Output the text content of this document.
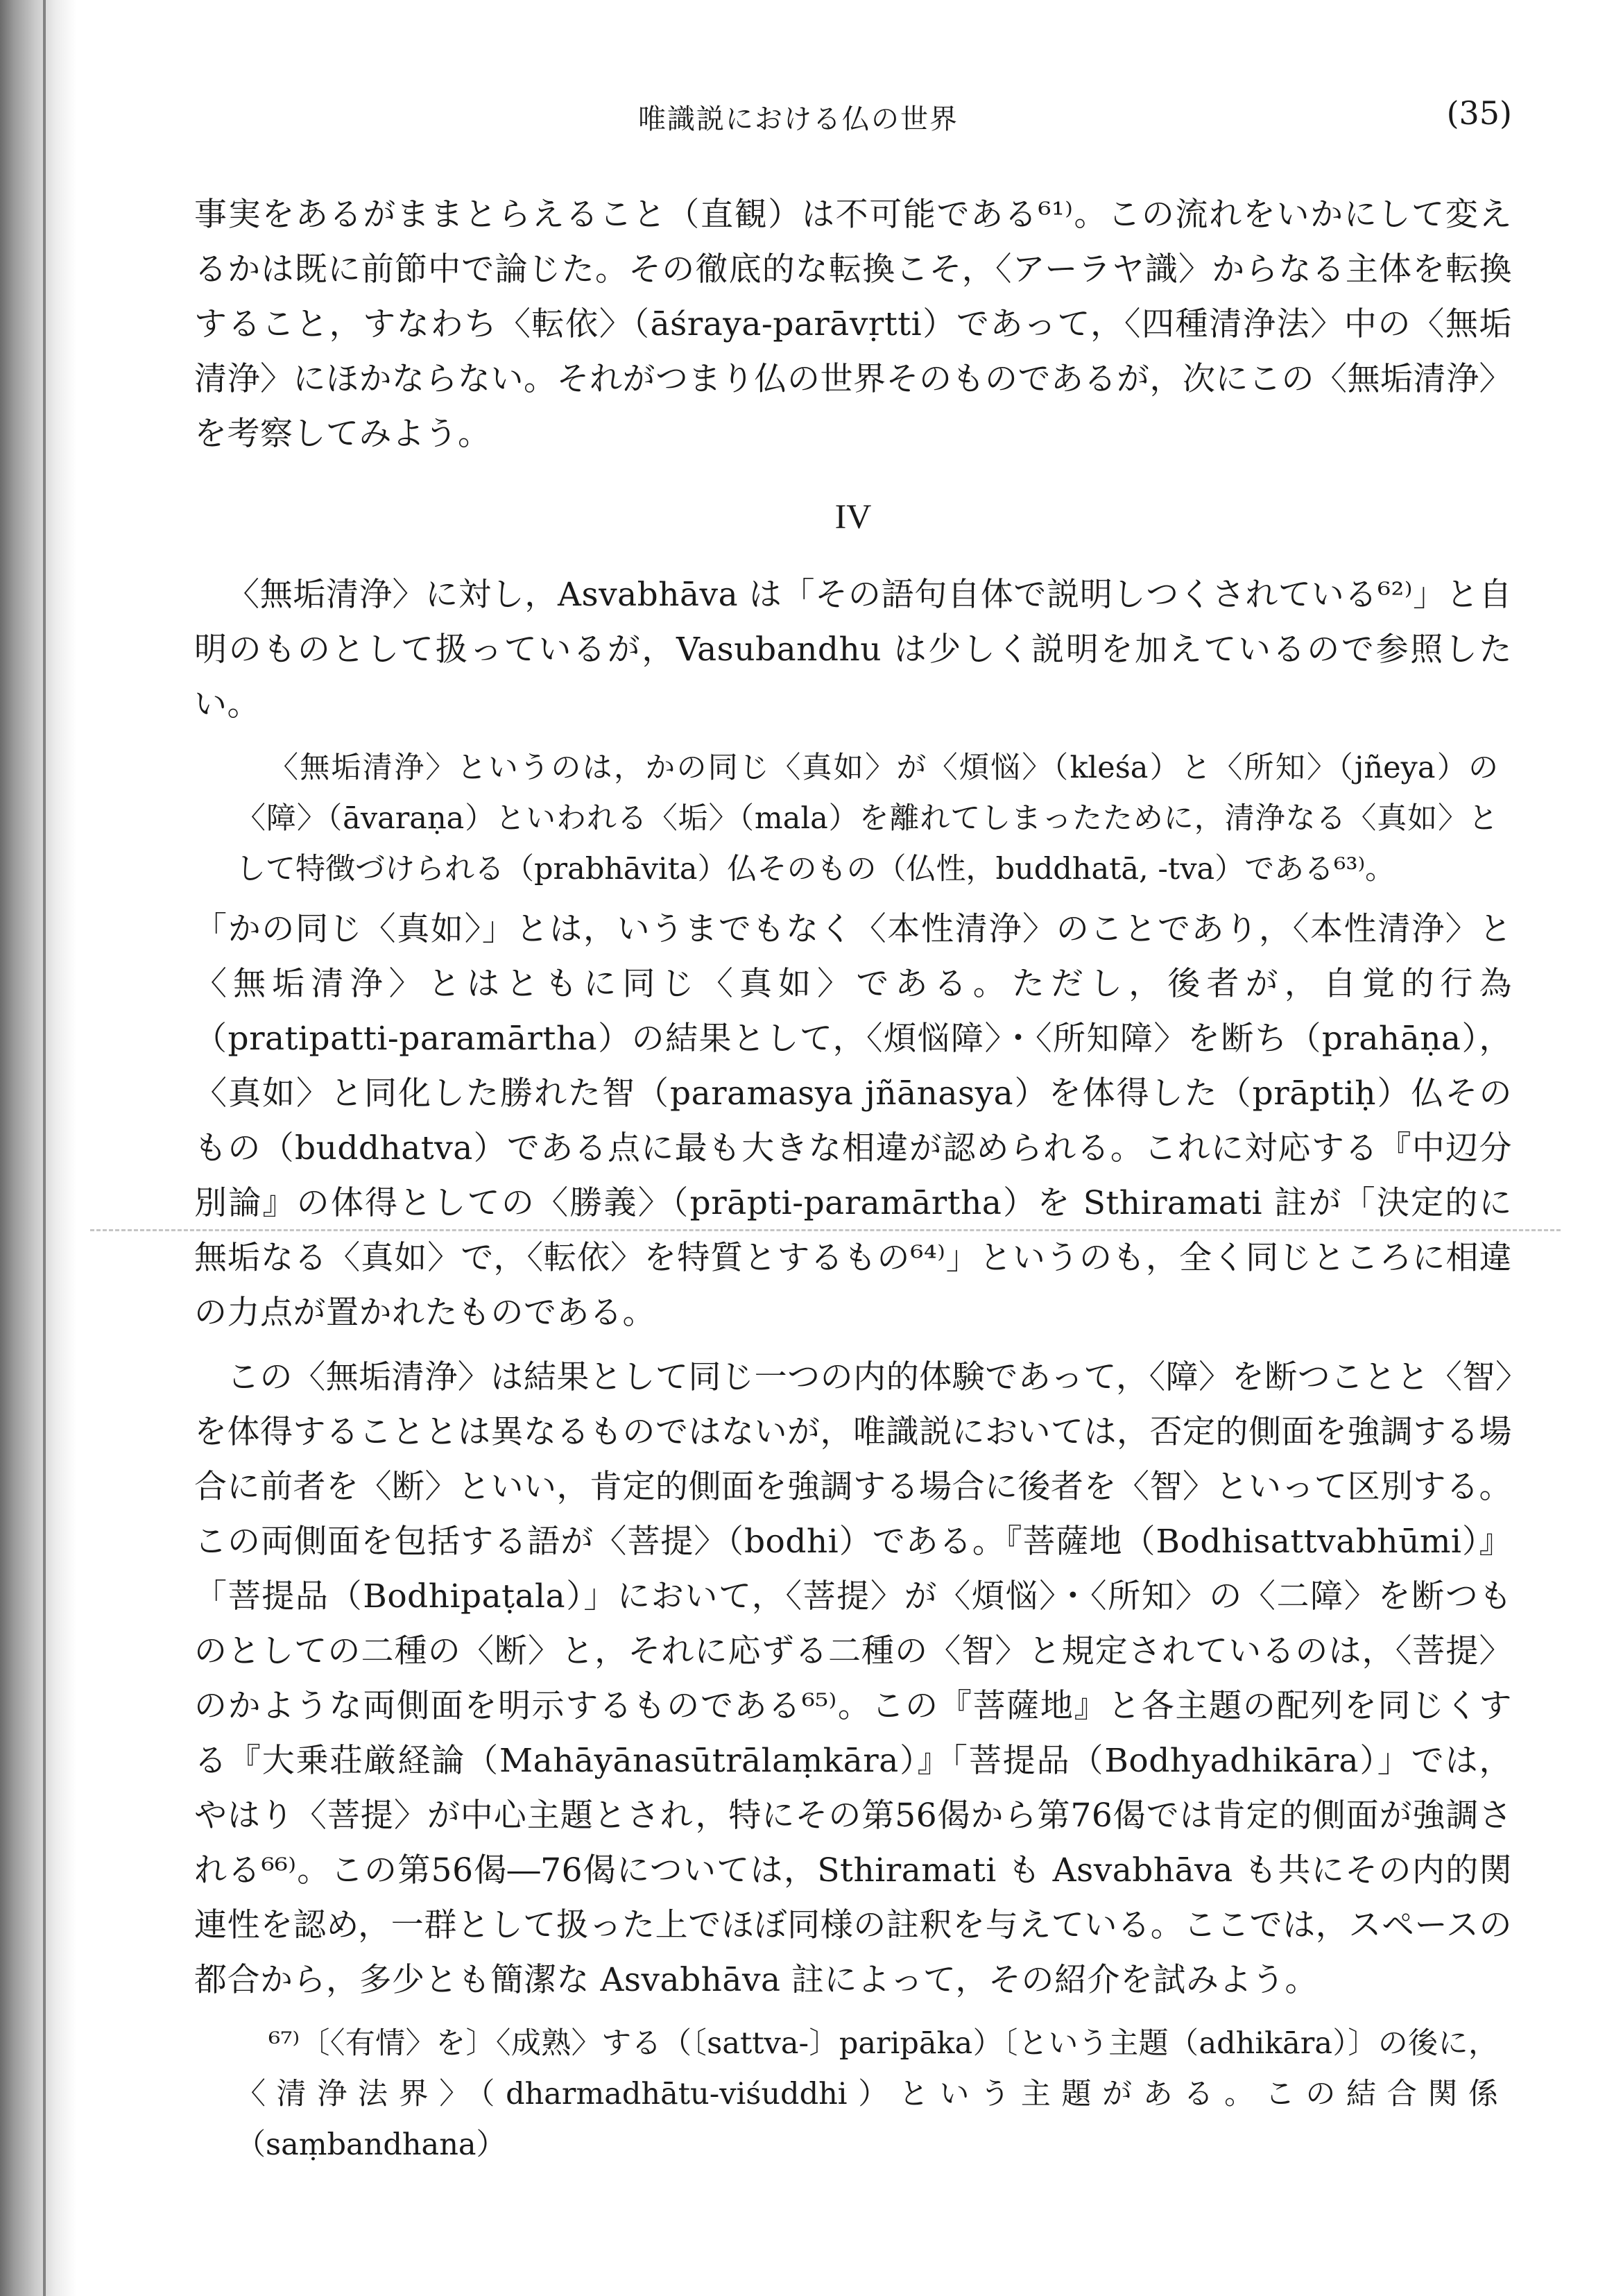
唯識説における仏の世界	(35)

事実をあるがままとらえること（直観）は不可能である⁶¹⁾。この流れをいかにして変えるかは既に前節中で論じた。その徹底的な転換こそ，〈アーラヤ識〉からなる主体を転換すること，すなわち〈転依〉（āśraya-parāvṛtti）であって，〈四種清浄法〉中の〈無垢清浄〉にほかならない。それがつまり仏の世界そのものであるが，次にこの〈無垢清浄〉を考察してみよう。

IV

〈無垢清浄〉に対し，Asvabhāva は「その語句自体で説明しつくされている⁶²⁾」と自明のものとして扱っているが，Vasubandhu は少しく説明を加えているので参照したい。

〈無垢清浄〉というのは，かの同じ〈真如〉が〈煩悩〉（kleśa）と〈所知〉（jñeya）の〈障〉（āvaraṇa）といわれる〈垢〉（mala）を離れてしまったために，清浄なる〈真如〉として特徴づけられる（prabhāvita）仏そのもの（仏性，buddhatā, -tva）である⁶³⁾。

「かの同じ〈真如〉」とは，いうまでもなく〈本性清浄〉のことであり，〈本性清浄〉と〈無垢清浄〉とはともに同じ〈真如〉である。ただし，後者が，自覚的行為（pratipatti-paramārtha）の結果として，〈煩悩障〉・〈所知障〉を断ち（prahāṇa），〈真如〉と同化した勝れた智（paramasya jñānasya）を体得した（prāptiḥ）仏そのもの（buddhatva）である点に最も大きな相違が認められる。これに対応する『中辺分別論』の体得としての〈勝義〉（prāpti-paramārtha）を Sthiramati 註が「決定的に無垢なる〈真如〉で，〈転依〉を特質とするもの⁶⁴⁾」というのも，全く同じところに相違の力点が置かれたものである。

この〈無垢清浄〉は結果として同じ一つの内的体験であって，〈障〉を断つことと〈智〉を体得することとは異なるものではないが，唯識説においては，否定的側面を強調する場合に前者を〈断〉といい，肯定的側面を強調する場合に後者を〈智〉といって区別する。この両側面を包括する語が〈菩提〉（bodhi）である。『菩薩地（Bodhisattvabhūmi）』「菩提品（Bodhipaṭala）」において，〈菩提〉が〈煩悩〉・〈所知〉の〈二障〉を断つものとしての二種の〈断〉と，それに応ずる二種の〈智〉と規定されているのは，〈菩提〉のかような両側面を明示するものである⁶⁵⁾。この『菩薩地』と各主題の配列を同じくする『大乗荘厳経論（Mahāyānasūtrālaṃkāra）』「菩提品（Bodhyadhikāra）」では，やはり〈菩提〉が中心主題とされ，特にその第56偈から第76偈では肯定的側面が強調される⁶⁶⁾。この第56偈―76偈については，Sthiramati も Asvabhāva も共にその内的関連性を認め，一群として扱った上でほぼ同様の註釈を与えている。ここでは，スペースの都合から，多少とも簡潔な Asvabhāva 註によって，その紹介を試みよう。

⁶⁷⁾〔〈有情〉を〕〈成熟〉する（〔sattva-〕paripāka）〔という主題（adhikāra）〕の後に，〈清浄法界〉（dharmadhātu-viśuddhi）という主題がある。この結合関係（saṃbandhana）
